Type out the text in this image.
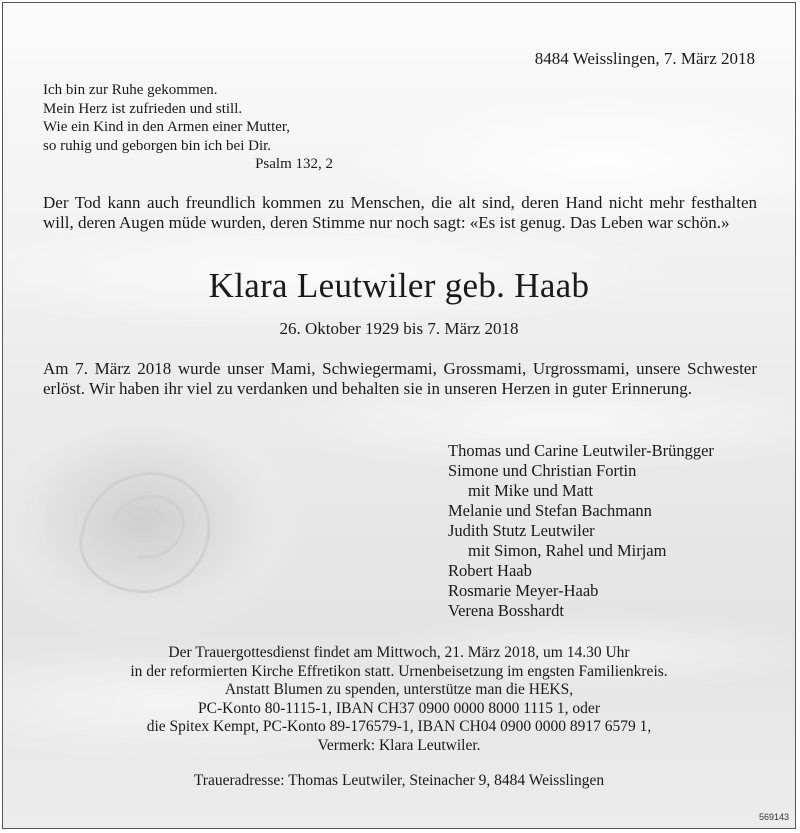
8484 Weisslingen, 7. März 2018
Ich bin zur Ruhe gekommen.
Mein Herz ist zufrieden und still.
Wie ein Kind in den Armen einer Mutter,
so ruhig und geborgen bin ich bei Dir.
Psalm 132, 2
Der Tod kann auch freundlich kommen zu Menschen, die alt sind, deren Hand nicht mehr festhalten will, deren Augen müde wurden, deren Stimme nur noch sagt: «Es ist genug. Das Leben war schön.»
Klara Leutwiler geb. Haab
26. Oktober 1929 bis 7. März 2018
Am 7. März 2018 wurde unser Mami, Schwiegermami, Grossmami, Urgrossmami, unsere Schwester erlöst. Wir haben ihr viel zu verdanken und behalten sie in unseren Herzen in guter Erinnerung.
Thomas und Carine Leutwiler-Brüngger
Simone und Christian Fortin
mit Mike und Matt
Melanie und Stefan Bachmann
Judith Stutz Leutwiler
mit Simon, Rahel und Mirjam
Robert Haab
Rosmarie Meyer-Haab
Verena Bosshardt
Der Trauergottesdienst findet am Mittwoch, 21. März 2018, um 14.30 Uhr
in der reformierten Kirche Effretikon statt. Urnenbeisetzung im engsten Familienkreis.
Anstatt Blumen zu spenden, unterstütze man die HEKS,
PC-Konto 80-1115-1, IBAN CH37 0900 0000 8000 1115 1, oder
die Spitex Kempt, PC-Konto 89-176579-1, IBAN CH04 0900 0000 8917 6579 1,
Vermerk: Klara Leutwiler.
Traueradresse: Thomas Leutwiler, Steinacher 9, 8484 Weisslingen
569143
